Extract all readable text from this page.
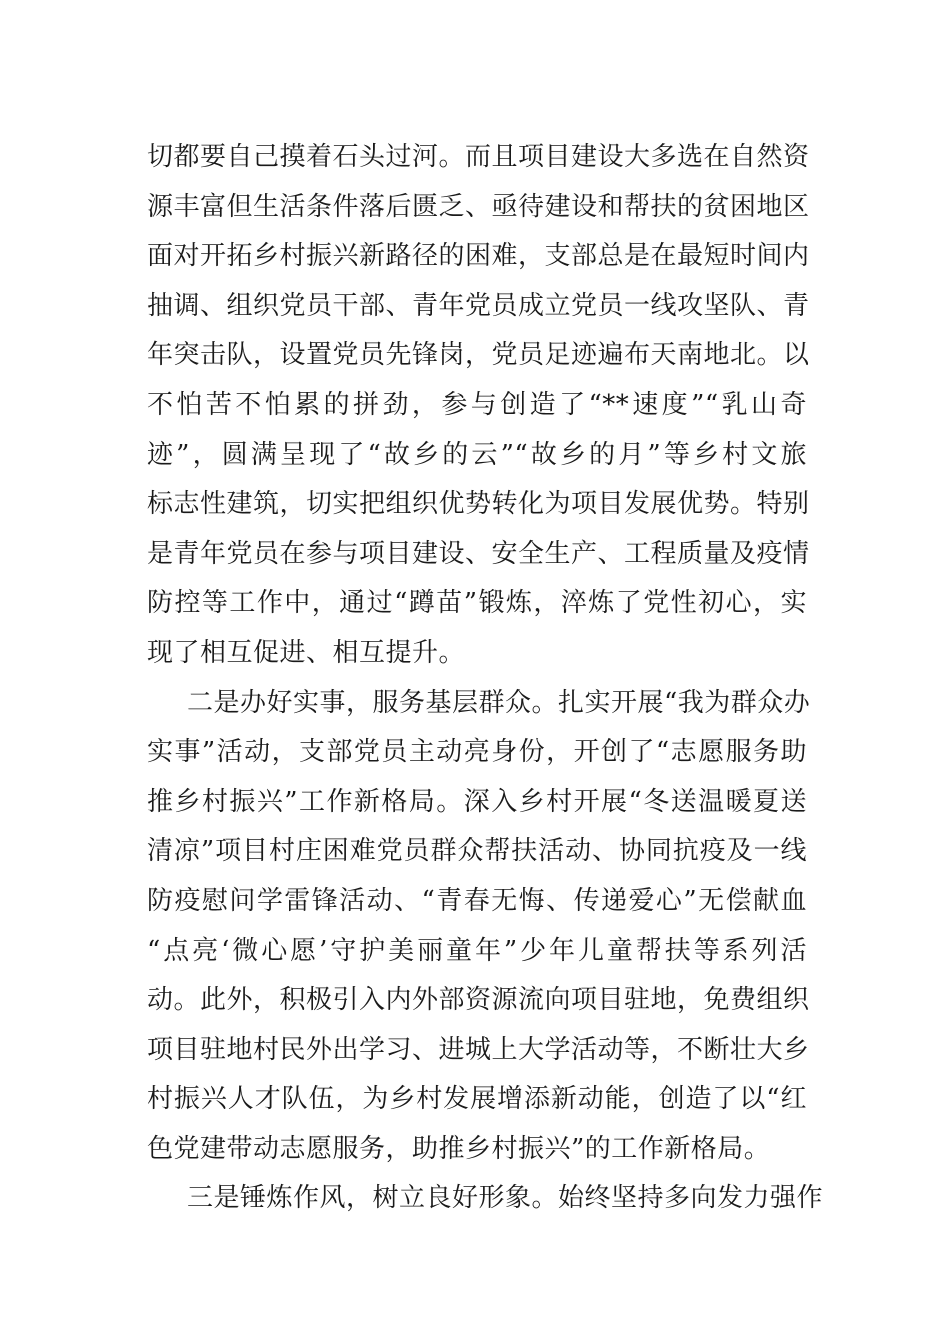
切都要自己摸着石头过河。而且项目建设大多选在自然资
源丰富但生活条件落后匮乏、亟待建设和帮扶的贫困地区
面对开拓乡村振兴新路径的困难，支部总是在最短时间内
抽调、组织党员干部、青年党员成立党员一线攻坚队、青
年突击队，设置党员先锋岗，党员足迹遍布天南地北。以
不怕苦不怕累的拼劲，参与创造了“**速度”“乳山奇
迹”，圆满呈现了“故乡的云”“故乡的月”等乡村文旅
标志性建筑，切实把组织优势转化为项目发展优势。特别
是青年党员在参与项目建设、安全生产、工程质量及疫情
防控等工作中，通过“蹲苗”锻炼，淬炼了党性初心，实
现了相互促进、相互提升。
二是办好实事，服务基层群众。扎实开展“我为群众办
实事”活动，支部党员主动亮身份，开创了“志愿服务助
推乡村振兴”工作新格局。深入乡村开展“冬送温暖夏送
清凉”项目村庄困难党员群众帮扶活动、协同抗疫及一线
防疫慰问学雷锋活动、“青春无悔、传递爱心”无偿献血
“点亮‘微心愿’守护美丽童年”少年儿童帮扶等系列活
动。此外，积极引入内外部资源流向项目驻地，免费组织
项目驻地村民外出学习、进城上大学活动等，不断壮大乡
村振兴人才队伍，为乡村发展增添新动能，创造了以“红
色党建带动志愿服务，助推乡村振兴”的工作新格局。
三是锤炼作风，树立良好形象。始终坚持多向发力强作
